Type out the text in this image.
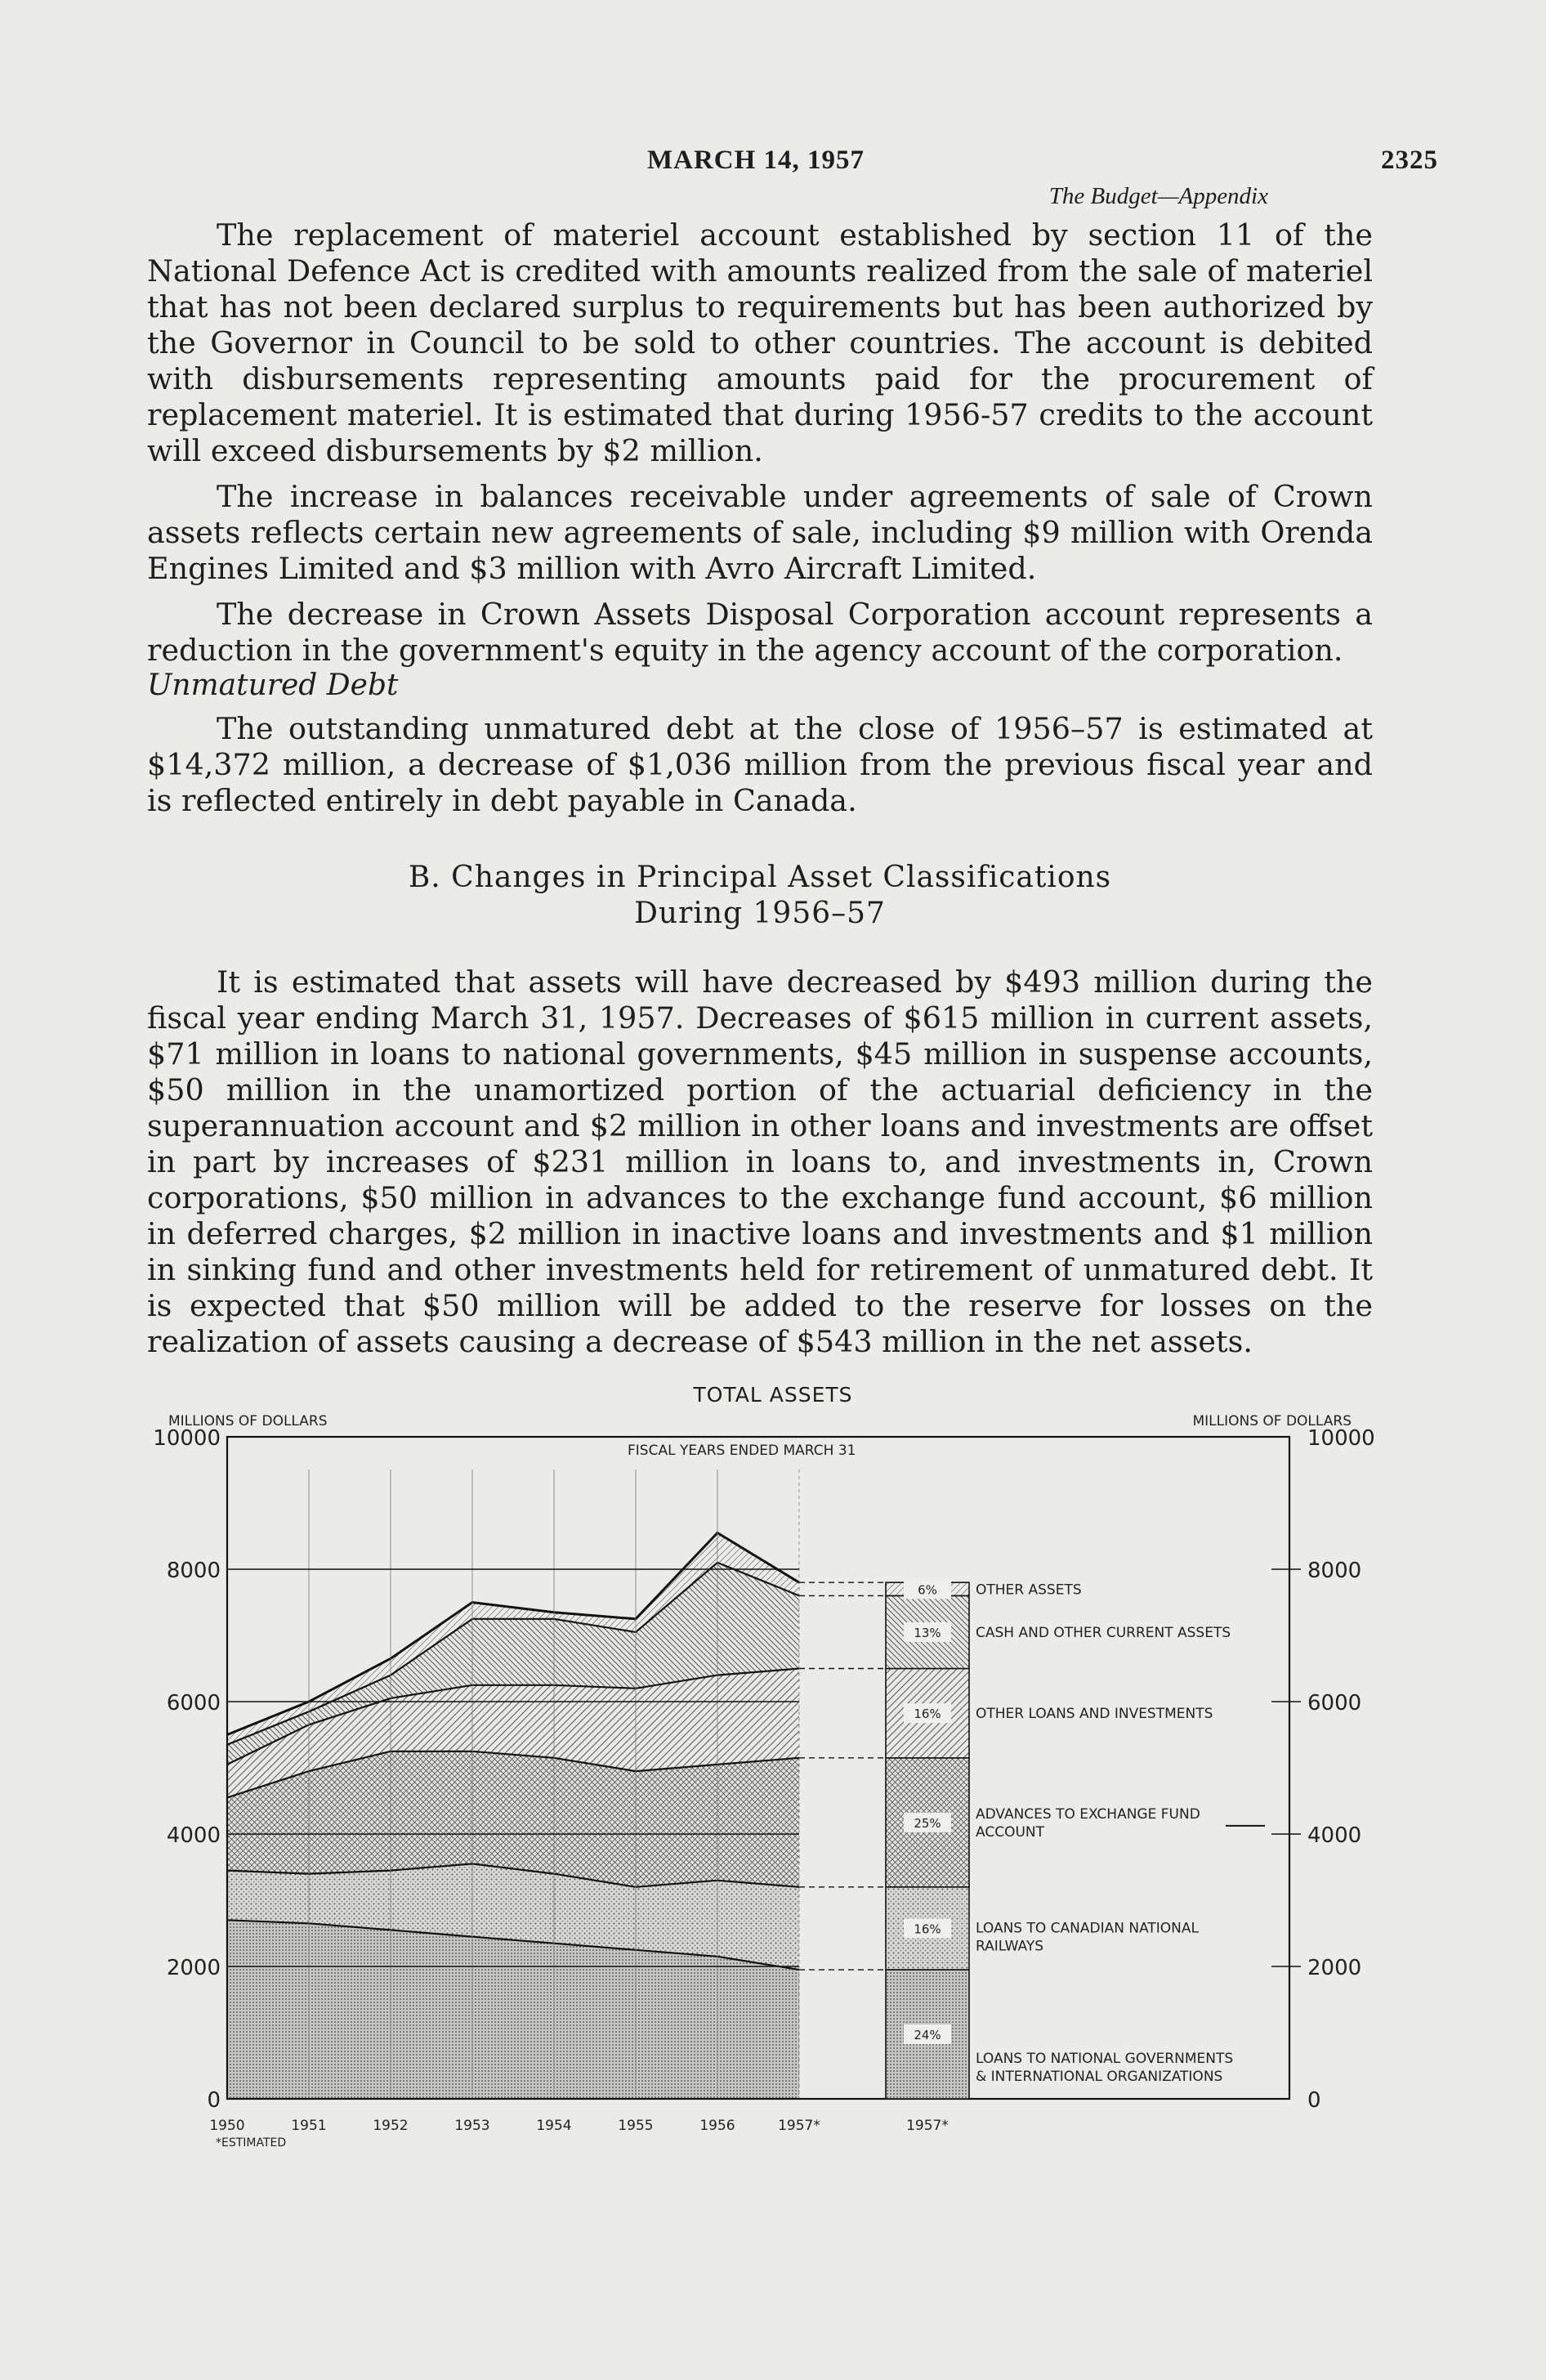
MARCH 14, 1957	2325
The Budget—Appendix

The replacement of materiel account established by section 11 of the National Defence Act is credited with amounts realized from the sale of materiel that has not been declared surplus to requirements but has been authorized by the Governor in Council to be sold to other countries. The account is debited with disbursements representing amounts paid for the procurement of replacement materiel. It is estimated that during 1956-57 credits to the account will exceed disbursements by $2 million.

The increase in balances receivable under agreements of sale of Crown assets reflects certain new agreements of sale, including $9 million with Orenda Engines Limited and $3 million with Avro Aircraft Limited.

The decrease in Crown Assets Disposal Corporation account represents a reduction in the government's equity in the agency account of the corporation.

Unmatured Debt

The outstanding unmatured debt at the close of 1956–57 is estimated at $14,372 million, a decrease of $1,036 million from the previous fiscal year and is reflected entirely in debt payable in Canada.

B. Changes in Principal Asset Classifications
During 1956–57

It is estimated that assets will have decreased by $493 million during the fiscal year ending March 31, 1957. Decreases of $615 million in current assets, $71 million in loans to national governments, $45 million in suspense accounts, $50 million in the unamortized portion of the actuarial deficiency in the superannuation account and $2 million in other loans and investments are offset in part by increases of $231 million in loans to, and investments in, Crown corporations, $50 million in advances to the exchange fund account, $6 million in deferred charges, $2 million in inactive loans and investments and $1 million in sinking fund and other investments held for retirement of unmatured debt. It is expected that $50 million will be added to the reserve for losses on the realization of assets causing a decrease of $543 million in the net assets.

TOTAL ASSETS
0	0
2000	2000
4000	4000
6000	6000
8000	8000
10000	10000
MILLIONS OF DOLLARS	MILLIONS OF DOLLARS
FISCAL YEARS ENDED MARCH 31
1950	1951	1952	1953	1954	1955	1956	1957*
*ESTIMATED
24%
16%
25%
16%
13%
6%
1957*
LOANS TO NATIONAL GOVERNMENTS
& INTERNATIONAL ORGANIZATIONS
LOANS TO CANADIAN NATIONAL
RAILWAYS
ADVANCES TO EXCHANGE FUND
ACCOUNT
OTHER LOANS AND INVESTMENTS
CASH AND OTHER CURRENT ASSETS
OTHER ASSETS
